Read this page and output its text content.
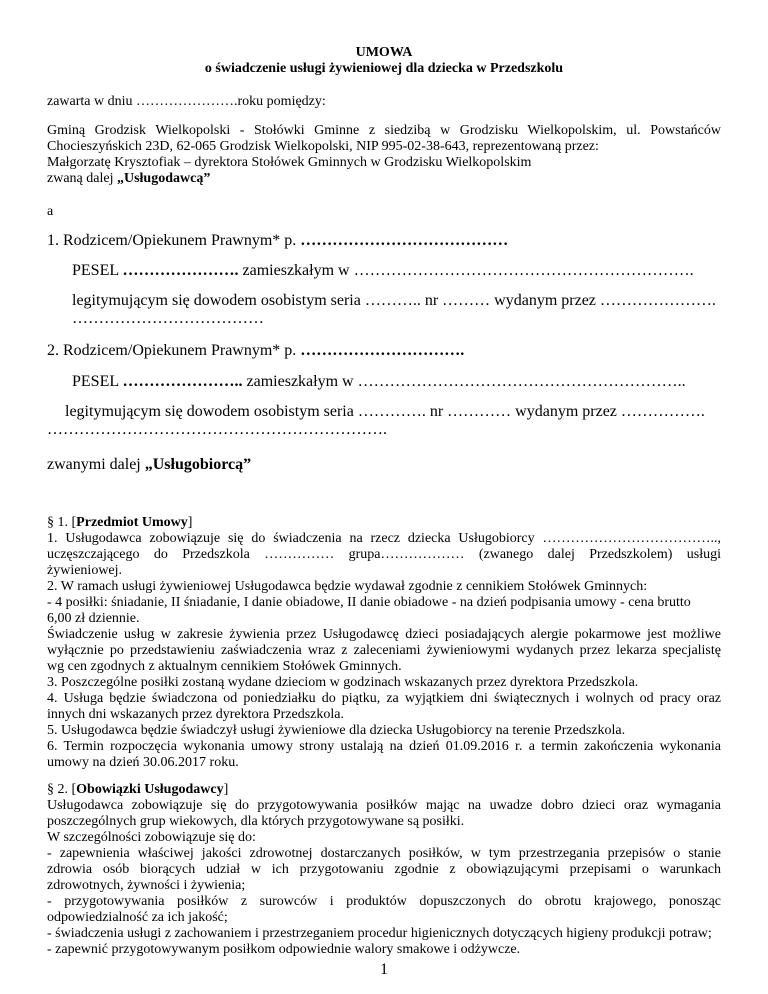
UMOWA
o świadczenie usługi żywieniowej dla dziecka w Przedszkolu
zawarta w dniu ………………….roku pomiędzy:
Gminą Grodzisk Wielkopolski - Stołówki Gminne z siedzibą w Grodzisku Wielkopolskim, ul. Powstańców
Chocieszyńskich 23D, 62-065 Grodzisk Wielkopolski, NIP 995-02-38-643, reprezentowaną przez:
Małgorzatę Krysztofiak – dyrektora Stołówek Gminnych w Grodzisku Wielkopolskim
zwaną dalej „Usługodawcą”
a
1. Rodzicem/Opiekunem Prawnym* p. …………………………………
PESEL …………………. zamieszkałym w ……………………………………………………….
legitymującym się dowodem osobistym seria ……….. nr ……… wydanym przez ………………….
………………………………
2. Rodzicem/Opiekunem Prawnym* p. ………………………….
PESEL ………………….. zamieszkałym w ……………………………………………………..
legitymującym się dowodem osobistym seria …………. nr ………… wydanym przez …………….
……………………………………………………….
zwanymi dalej „Usługobiorcą”
§ 1. [Przedmiot Umowy]
1. Usługodawca zobowiązuje się do świadczenia na rzecz dziecka Usługobiorcy ………………………………..,
uczęszczającego do Przedszkola …………… grupa……………… (zwanego dalej Przedszkolem) usługi
żywieniowej.
2. W ramach usługi żywieniowej Usługodawca będzie wydawał zgodnie z cennikiem Stołówek Gminnych:
- 4 posiłki: śniadanie, II śniadanie, I danie obiadowe, II danie obiadowe - na dzień podpisania umowy - cena brutto
6,00 zł dziennie.
Świadczenie usług w zakresie żywienia przez Usługodawcę dzieci posiadających alergie pokarmowe jest możliwe
wyłącznie po przedstawieniu zaświadczenia wraz z zaleceniami żywieniowymi wydanych przez lekarza specjalistę
wg cen zgodnych z aktualnym cennikiem Stołówek Gminnych.
3. Poszczególne posiłki zostaną wydane dzieciom w godzinach wskazanych przez dyrektora Przedszkola.
4. Usługa będzie świadczona od poniedziałku do piątku, za wyjątkiem dni świątecznych i wolnych od pracy oraz
innych dni wskazanych przez dyrektora Przedszkola.
5. Usługodawca będzie świadczył usługi żywieniowe dla dziecka Usługobiorcy na terenie Przedszkola.
6. Termin rozpoczęcia wykonania umowy strony ustalają na dzień 01.09.2016 r. a termin zakończenia wykonania
umowy na dzień 30.06.2017 roku.
§ 2. [Obowiązki Usługodawcy]
Usługodawca zobowiązuje się do przygotowywania posiłków mając na uwadze dobro dzieci oraz wymagania
poszczególnych grup wiekowych, dla których przygotowywane są posiłki.
W szczególności zobowiązuje się do:
- zapewnienia właściwej jakości zdrowotnej dostarczanych posiłków, w tym przestrzegania przepisów o stanie
zdrowia osób biorących udział w ich przygotowaniu zgodnie z obowiązującymi przepisami o warunkach
zdrowotnych, żywności i żywienia;
- przygotowywania posiłków z surowców i produktów dopuszczonych do obrotu krajowego, ponosząc
odpowiedzialność za ich jakość;
- świadczenia usługi z zachowaniem i przestrzeganiem procedur higienicznych dotyczących higieny produkcji potraw;
- zapewnić przygotowywanym posiłkom odpowiednie walory smakowe i odżywcze.
1
